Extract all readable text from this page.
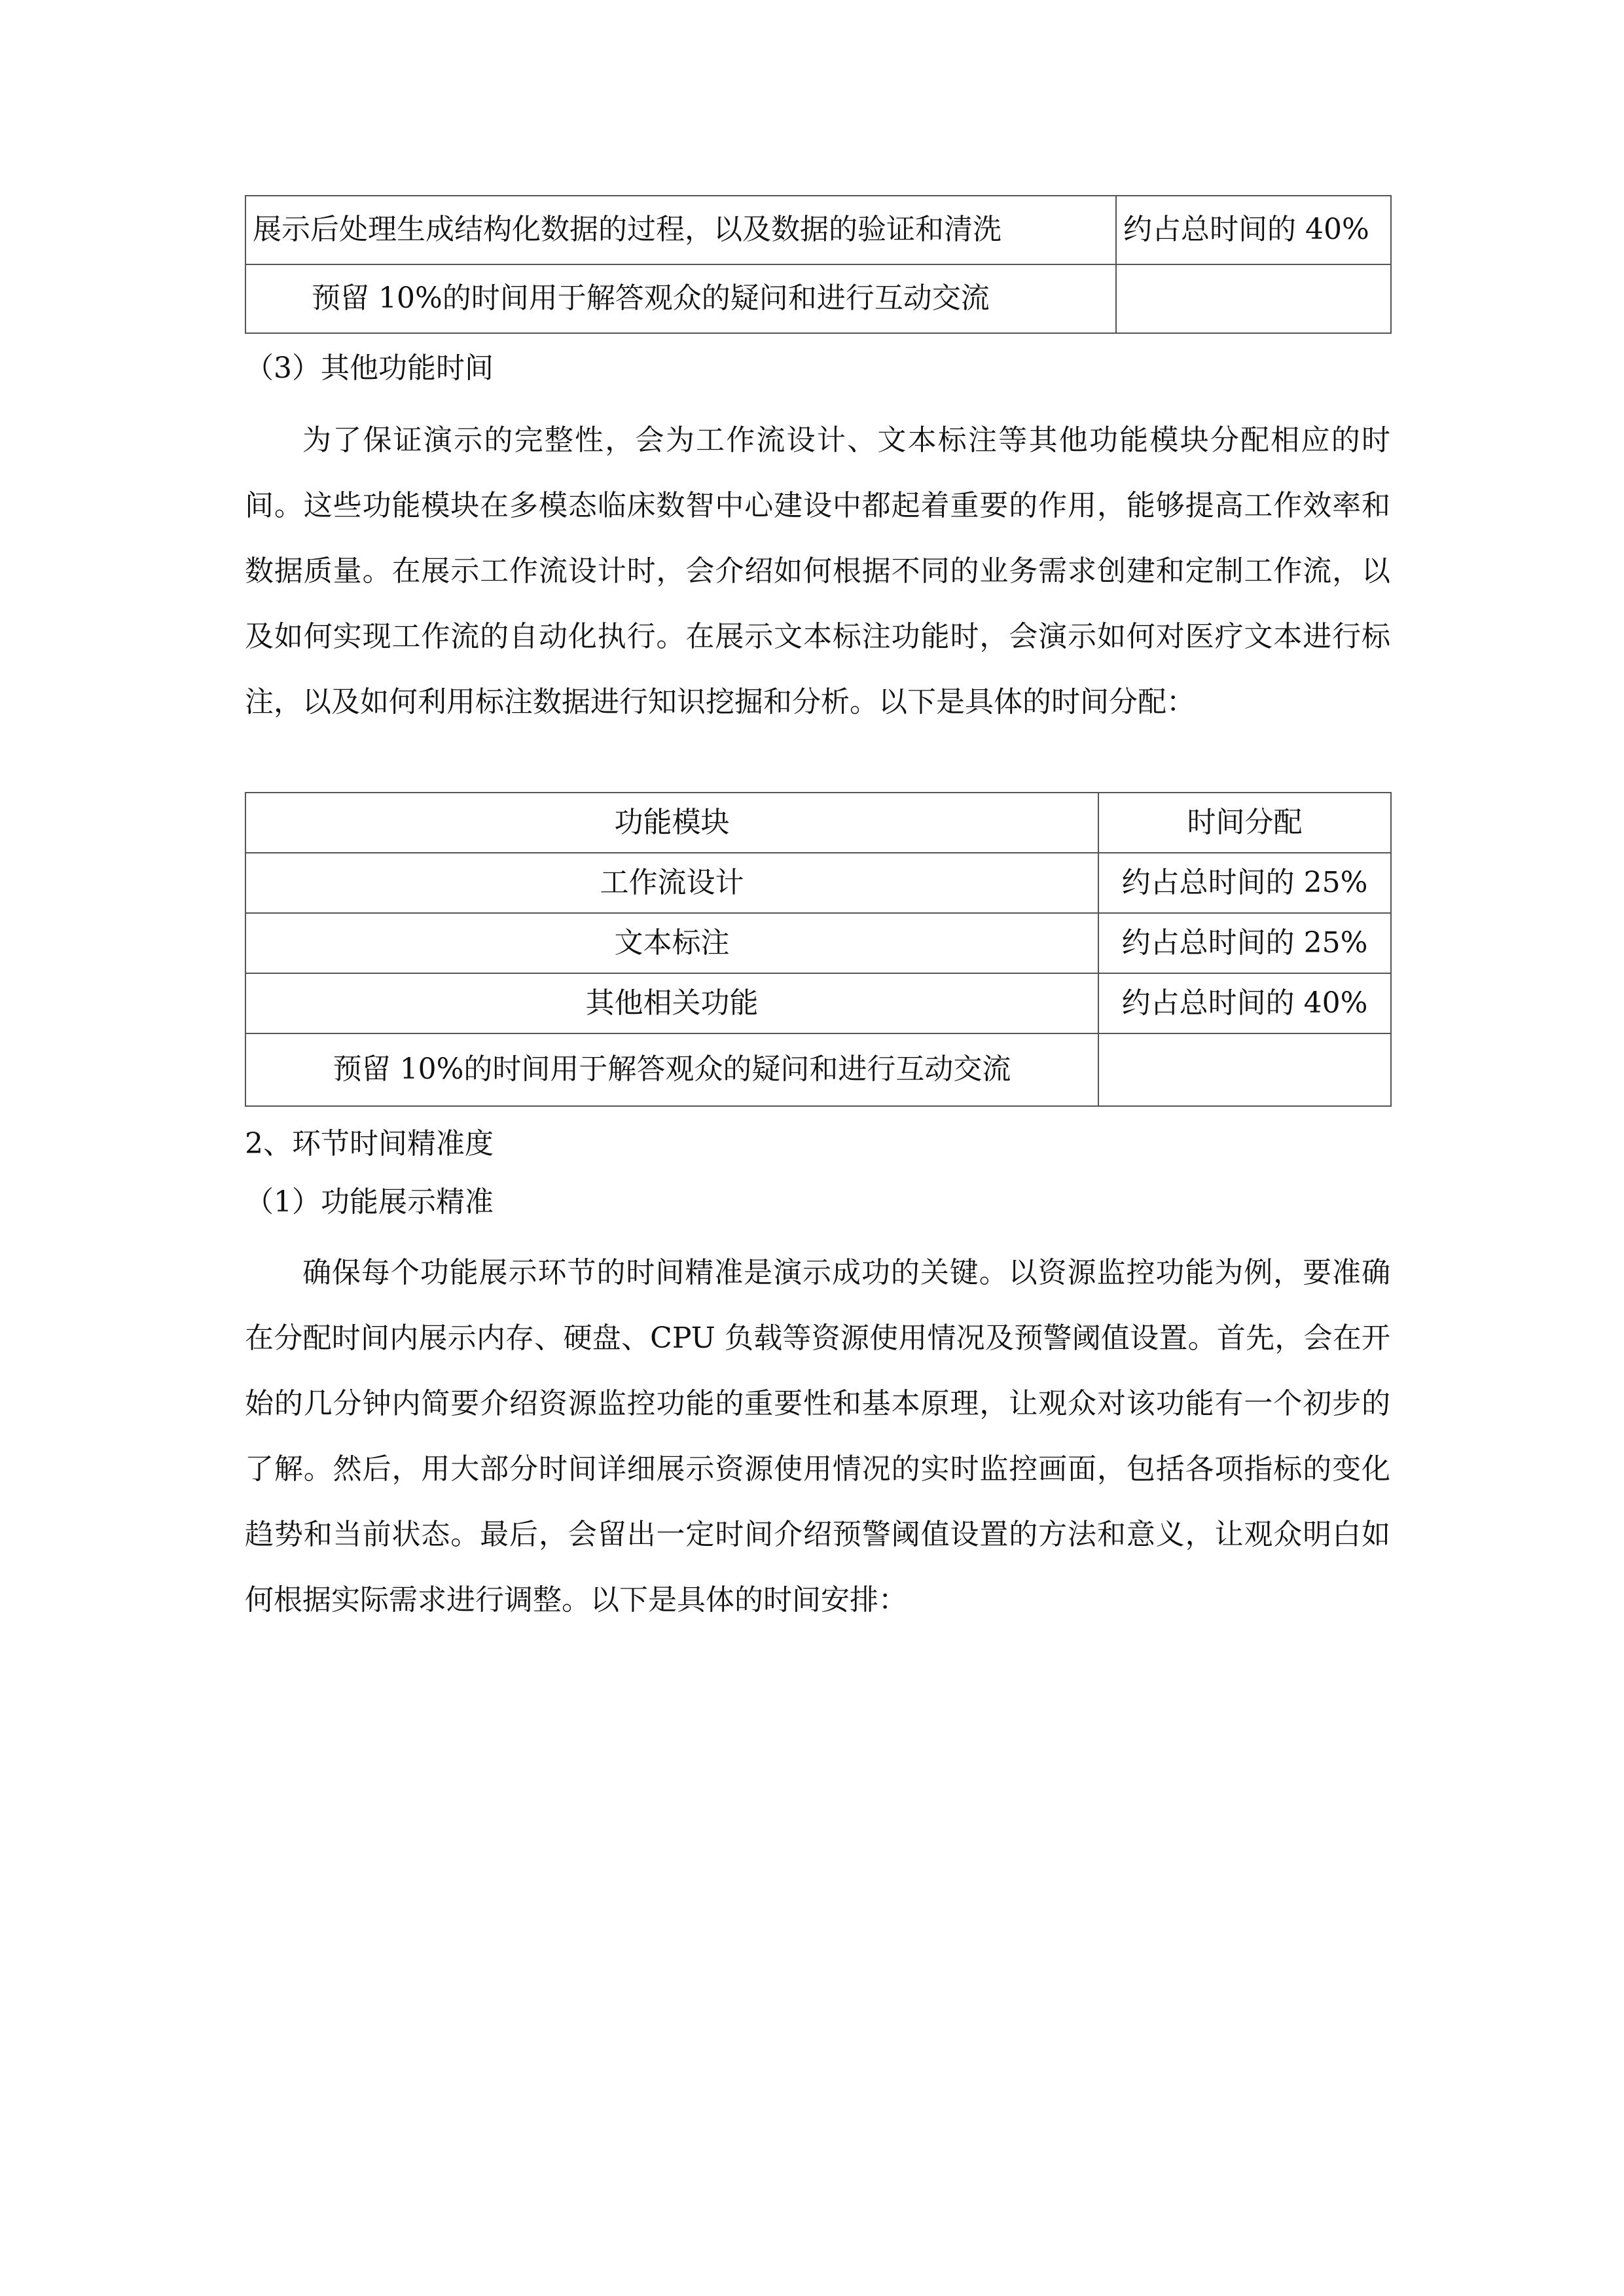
展示后处理生成结构化数据的过程，以及数据的验证和清洗	约占总时间的 40%
预留 10%的时间用于解答观众的疑问和进行互动交流	
（3）其他功能时间

为了保证演示的完整性，会为工作流设计、文本标注等其他功能模块分配相应的时间。这些功能模块在多模态临床数智中心建设中都起着重要的作用，能够提高工作效率和数据质量。在展示工作流设计时，会介绍如何根据不同的业务需求创建和定制工作流，以及如何实现工作流的自动化执行。在展示文本标注功能时，会演示如何对医疗文本进行标注，以及如何利用标注数据进行知识挖掘和分析。以下是具体的时间分配：

功能模块	时间分配
工作流设计	约占总时间的 25%
文本标注	约占总时间的 25%
其他相关功能	约占总时间的 40%
预留 10%的时间用于解答观众的疑问和进行互动交流	
2、环节时间精准度
（1）功能展示精准

确保每个功能展示环节的时间精准是演示成功的关键。以资源监控功能为例，要准确在分配时间内展示内存、硬盘、CPU 负载等资源使用情况及预警阈值设置。首先，会在开始的几分钟内简要介绍资源监控功能的重要性和基本原理，让观众对该功能有一个初步的了解。然后，用大部分时间详细展示资源使用情况的实时监控画面，包括各项指标的变化趋势和当前状态。最后，会留出一定时间介绍预警阈值设置的方法和意义，让观众明白如何根据实际需求进行调整。以下是具体的时间安排：
